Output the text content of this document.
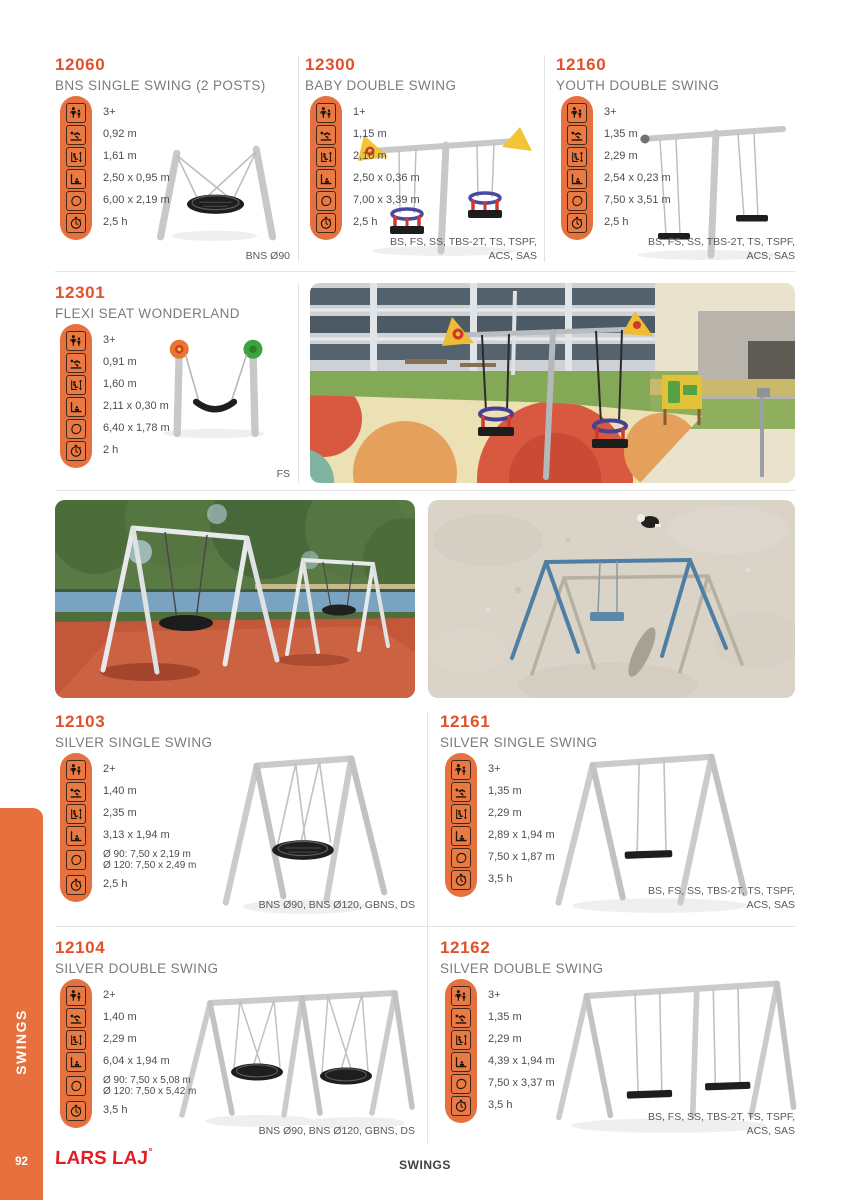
12060
BNS SINGLE SWING (2 POSTS)
3+
0,92 m
1,61 m
2,50 x 0,95 m
6,00 x 2,19 m
2,5 h
BNS Ø90
12300
BABY DOUBLE SWING
1+
1,15 m
2,10 m
2,50 x 0,36 m
7,00 x 3,39 m
2,5 h
BS, FS, SS, TBS-2T, TS, TSPF, ACS, SAS
12160
YOUTH DOUBLE SWING
3+
1,35 m
2,29 m
2,54 x 0,23 m
7,50 x 3,51 m
2,5 h
BS, FS, SS, TBS-2T, TS, TSPF, ACS, SAS
12301
FLEXI SEAT WONDERLAND
3+
0,91 m
1,60 m
2,11 x 0,30 m
6,40 x 1,78 m
2 h
FS
12103
SILVER SINGLE SWING
2+
1,40 m
2,35 m
3,13 x 1,94 m
Ø 90: 7,50 x 2,19 m
Ø 120: 7,50 x 2,49 m
2,5 h
BNS Ø90, BNS Ø120, GBNS, DS
12161
SILVER SINGLE SWING
3+
1,35 m
2,29 m
2,89 x 1,94 m
7,50 x 1,87 m
3,5 h
BS, FS, SS, TBS-2T, TS, TSPF, ACS, SAS
12104
SILVER DOUBLE SWING
2+
1,40 m
2,29 m
6,04 x 1,94 m
Ø 90: 7,50 x 5,08 m
Ø 120: 7,50 x 5,42 m
3,5 h
BNS Ø90, BNS Ø120, GBNS, DS
12162
SILVER DOUBLE SWING
3+
1,35 m
2,29 m
4,39 x 1,94 m
7,50 x 3,37 m
3,5 h
BS, FS, SS, TBS-2T, TS, TSPF, ACS, SAS
SWINGS
92	LARS LAJ°
SWINGS
